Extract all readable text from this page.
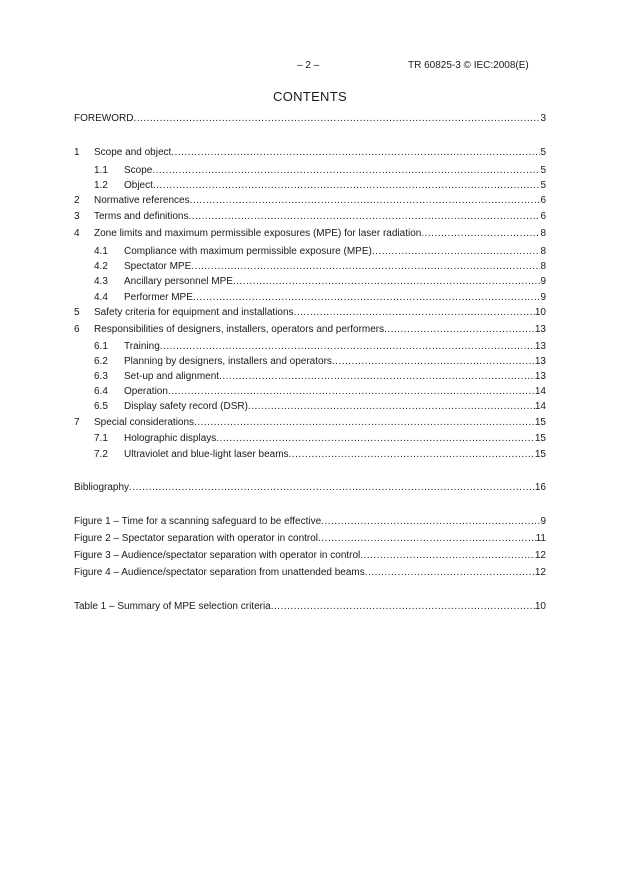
– 2 –	TR 60825-3 © IEC:2008(E)
CONTENTS
FOREWORD .....	3
1	Scope and object .....	5
1.1	Scope .....	5
1.2	Object .....	5
2	Normative references .....	6
3	Terms and definitions .....	6
4	Zone limits and maximum permissible exposures (MPE) for laser radiation .....	8
4.1	Compliance with maximum permissible exposure (MPE) .....	8
4.2	Spectator MPE .....	8
4.3	Ancillary personnel MPE .....	9
4.4	Performer MPE .....	9
5	Safety criteria for equipment and installations .....	10
6	Responsibilities of designers, installers, operators and performers .....	13
6.1	Training .....	13
6.2	Planning by designers, installers and operators .....	13
6.3	Set-up and alignment .....	13
6.4	Operation .....	14
6.5	Display safety record (DSR) .....	14
7	Special considerations .....	15
7.1	Holographic displays .....	15
7.2	Ultraviolet and blue-light laser beams .....	15
Bibliography .....	16
Figure 1 – Time for a scanning safeguard to be effective .....	9
Figure 2 – Spectator separation with operator in control .....	11
Figure 3 – Audience/spectator separation with operator in control .....	12
Figure 4 – Audience/spectator separation from unattended beams .....	12
Table 1 – Summary of MPE selection criteria .....	10
